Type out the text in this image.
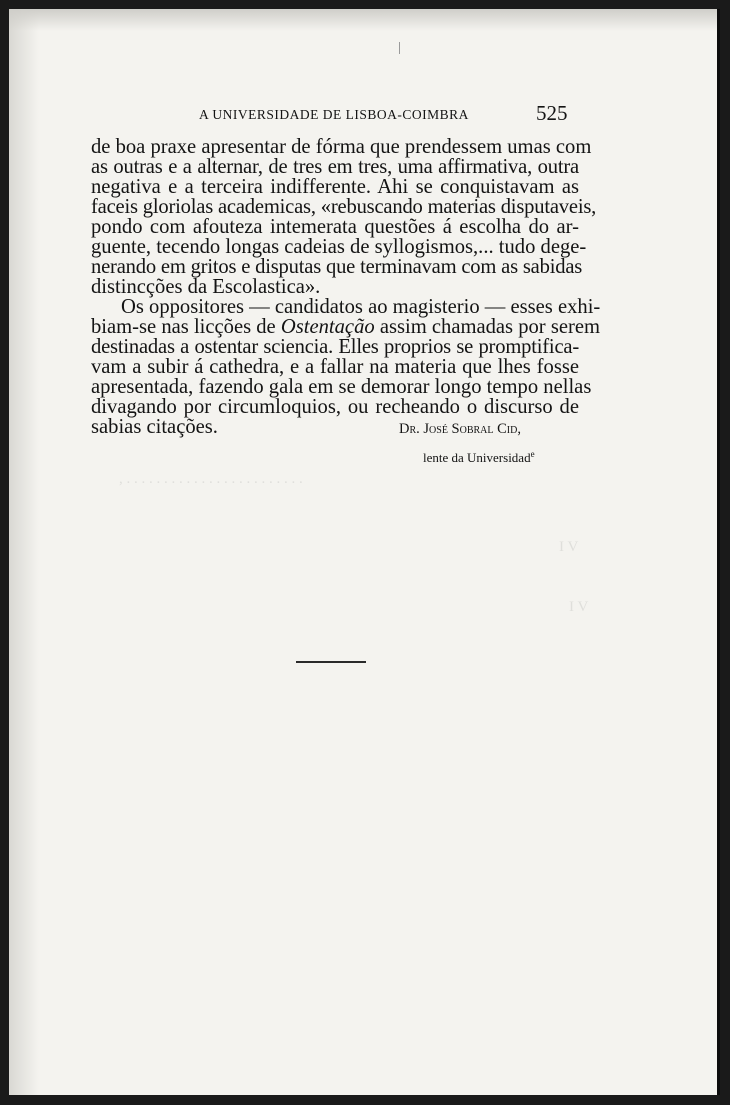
, . . . . . . . . . . . . . . . . . . . . . . . .
I V
I V
A UNIVERSIDADE DE LISBOA-COIMBRA	525

de boa praxe apresentar de fórma que prendessem umas com
as outras e a alternar, de tres em tres, uma affirmativa, outra
negativa e a terceira indifferente. Ahi se conquistavam as
faceis gloriolas academicas, «rebuscando materias disputaveis,
pondo com afouteza intemerata questões á escolha do ar-
guente, tecendo longas cadeias de syllogismos,... tudo dege-
nerando em gritos e disputas que terminavam com as sabidas
distincções da Escolastica».

Os oppositores — candidatos ao magisterio — esses exhi-
biam-se nas licções de Ostentação assim chamadas por serem
destinadas a ostentar sciencia. Elles proprios se promptifica-
vam a subir á cathedra, e a fallar na materia que lhes fosse
apresentada, fazendo gala em se demorar longo tempo nellas
divagando por circumloquios, ou recheando o discurso de
sabias citações.	Dr. José Sobral Cid,
lente da Universidad$^e$
